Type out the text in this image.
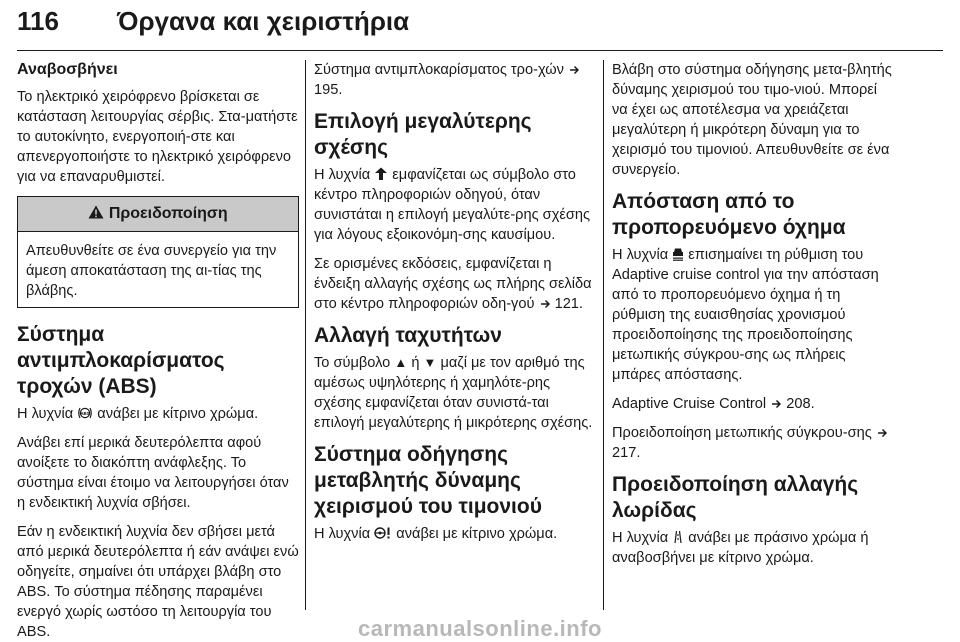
116 Όργανα και χειριστήρια

Αναβοσβήνει

Το ηλεκτρικό χειρόφρενο βρίσκεται σε κατάσταση λειτουργίας σέρβις. Στα-ματήστε το αυτοκίνητο, ενεργοποιή-στε και απενεργοποιήστε το ηλεκτρικό χειρόφρενο για να επαναρυθμιστεί.

Προειδοποίηση
Απευθυνθείτε σε ένα συνεργείο για την άμεση αποκατάσταση της αι-τίας της βλάβης.

Σύστημα αντιμπλοκαρίσματος τροχών (ABS)

Η λυχνία ABS ανάβει με κίτρινο χρώμα.

Ανάβει επί μερικά δευτερόλεπτα αφού ανοίξετε το διακόπτη ανάφλεξης. Το σύστημα είναι έτοιμο να λειτουργήσει όταν η ενδεικτική λυχνία σβήσει.

Εάν η ενδεικτική λυχνία δεν σβήσει μετά από μερικά δευτερόλεπτα ή εάν ανάψει ενώ οδηγείτε, σημαίνει ότι υπάρχει βλάβη στο ABS. Το σύστημα πέδησης παραμένει ενεργό χωρίς ωστόσο τη λειτουργία του ABS.

Σύστημα αντιμπλοκαρίσματος τρο-χών  195.

Επιλογή μεγαλύτερης σχέσης

Η λυχνία εμφανίζεται ως σύμβολο στο κέντρο πληροφοριών οδηγού, όταν συνιστάται η επιλογή μεγαλύτε-ρης σχέσης για λόγους εξοικονόμη-σης καυσίμου.

Σε ορισμένες εκδόσεις, εμφανίζεται η ένδειξη αλλαγής σχέσης ως πλήρης σελίδα στο κέντρο πληροφοριών οδη-γού 121.

Αλλαγή ταχυτήτων

Το σύμβολο ▲ ή ▼ μαζί με τον αριθμό της αμέσως υψηλότερης ή χαμηλότε-ρης σχέσης εμφανίζεται όταν συνιστά-ται επιλογή μεγαλύτερης ή μικρότερης σχέσης.

Σύστημα οδήγησης μεταβλητής δύναμης χειρισμού του τιμονιού

Η λυχνία ανάβει με κίτρινο χρώμα.

Βλάβη στο σύστημα οδήγησης μετα-βλητής δύναμης χειρισμού του τιμο-νιού. Μπορεί να έχει ως αποτέλεσμα να χρειάζεται μεγαλύτερη ή μικρότερη δύναμη για το χειρισμό του τιμονιού. Απευθυνθείτε σε ένα συνεργείο.

Απόσταση από το προπορευόμενο όχημα

Η λυχνία επισημαίνει τη ρύθμιση του Adaptive cruise control για την απόσταση από το προπορευόμενο όχημα ή τη ρύθμιση της ευαισθησίας χρονισμού προειδοποίησης της προειδοποίησης μετωπικής σύγκρου-σης ως πλήρεις μπάρες απόστασης.

Adaptive Cruise Control 208.

Προειδοποίηση μετωπικής σύγκρου-σης  217.

Προειδοποίηση αλλαγής λωρίδας

Η λυχνία ανάβει με πράσινο χρώμα ή αναβοσβήνει με κίτρινο χρώμα.

carmanualsonline.info
